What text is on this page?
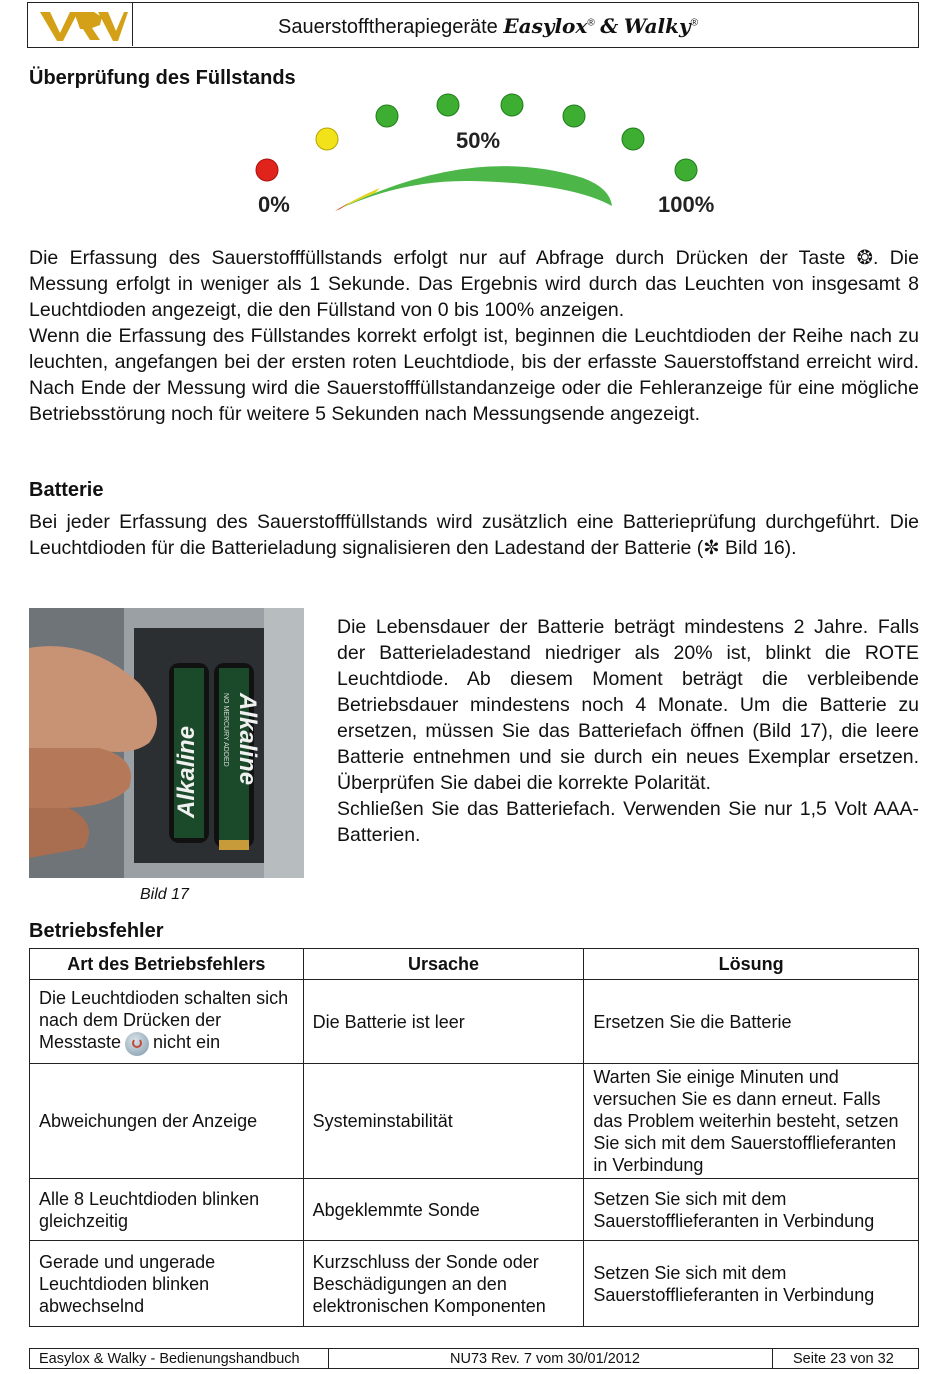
Sauerstofftherapiegeräte Easylox® & Walky®
Überprüfung des Füllstands
0%
50%
100%

Die Erfassung des Sauerstofffüllstands erfolgt nur auf Abfrage durch Drücken der Taste ❂. Die Messung erfolgt in weniger als 1 Sekunde. Das Ergebnis wird durch das Leuchten von insgesamt 8 Leuchtdioden angezeigt, die den Füllstand von 0 bis 100% anzeigen.

Wenn die Erfassung des Füllstandes korrekt erfolgt ist, beginnen die Leuchtdioden der Reihe nach zu leuchten, angefangen bei der ersten roten Leuchtdiode, bis der erfasste Sauerstoffstand erreicht wird. Nach Ende der Messung wird die Sauerstofffüllstandanzeige oder die Fehleranzeige für eine mögliche Betriebsstörung noch für weitere 5 Sekunden nach Messungsende angezeigt.

Batterie

Bei jeder Erfassung des Sauerstofffüllstands wird zusätzlich eine Batterieprüfung durchgeführt. Die Leuchtdioden für die Batterieladung signalisieren den Ladestand der Batterie (✼ Bild 16).

Alkaline Alkaline
NO MERCURY ADDED
Bild 17

Die Lebensdauer der Batterie beträgt mindestens 2 Jahre. Falls der Batterieladestand niedriger als 20% ist, blinkt die ROTE Leuchtdiode. Ab diesem Moment beträgt die verbleibende Betriebsdauer mindestens noch 4 Monate. Um die Batterie zu ersetzen, müssen Sie das Batteriefach öffnen (Bild 17), die leere Batterie entnehmen und sie durch ein neues Exemplar ersetzen. Überprüfen Sie dabei die korrekte Polarität.

Schließen Sie das Batteriefach. Verwenden Sie nur 1,5 Volt AAA-Batterien.

Betriebsfehler
Art des Betriebsfehlers	Ursache	Lösung
Die Leuchtdioden schalten sich nach dem Drücken der Messtaste nicht ein	Die Batterie ist leer	Ersetzen Sie die Batterie
Abweichungen der Anzeige	Systeminstabilität	Warten Sie einige Minuten und versuchen Sie es dann erneut. Falls das Problem weiterhin besteht, setzen Sie sich mit dem Sauerstofflieferanten in Verbindung
Alle 8 Leuchtdioden blinken gleichzeitig	Abgeklemmte Sonde	Setzen Sie sich mit dem Sauerstofflieferanten in Verbindung
Gerade und ungerade Leuchtdioden blinken abwechselnd	Kurzschluss der Sonde oder Beschädigungen an den elektronischen Komponenten	Setzen Sie sich mit dem Sauerstofflieferanten in Verbindung
Easylox & Walky - Bedienungshandbuch	NU73 Rev. 7 vom 30/01/2012	Seite 23 von 32
